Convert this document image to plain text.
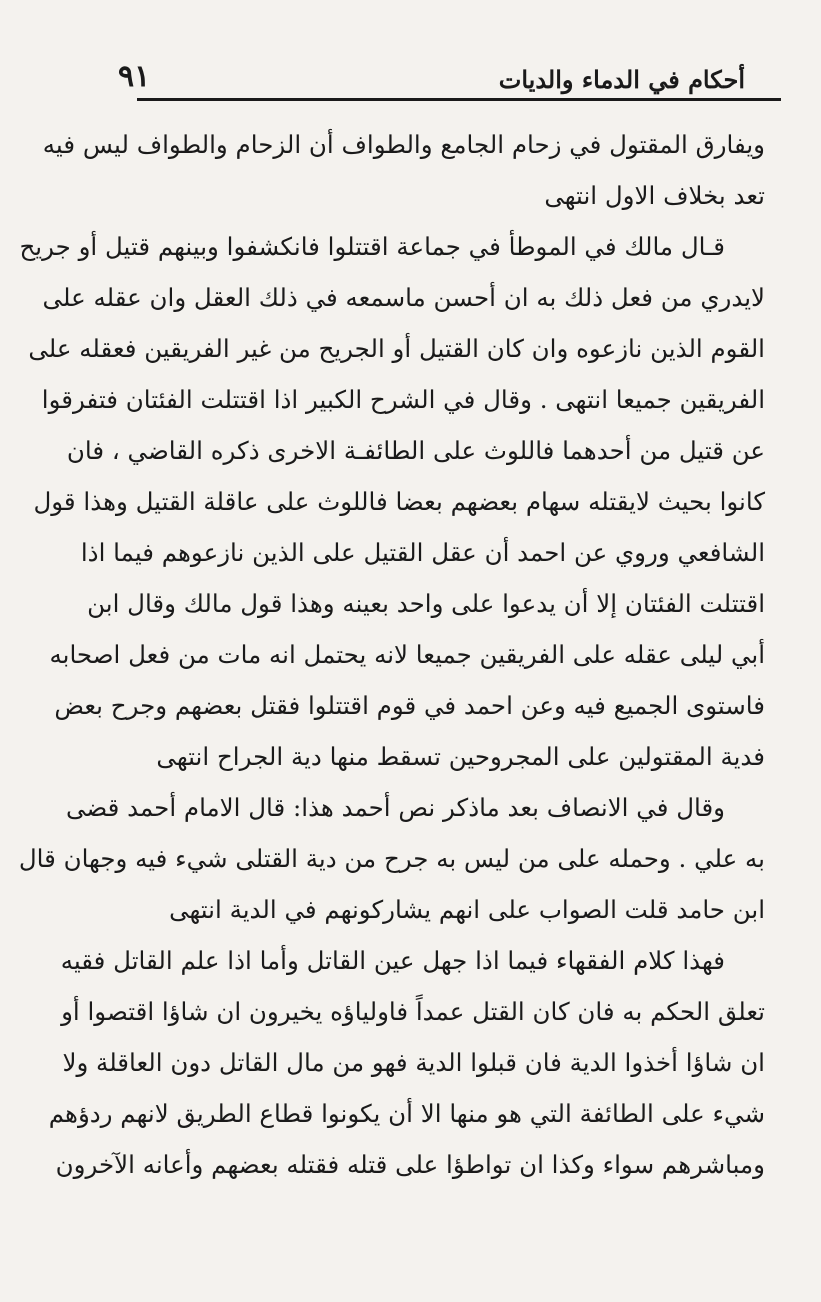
أحكام في الدماء والديات
٩١
ويفارق المقتول في زحام الجامع والطواف أن الزحام والطواف ليس فيه
تعد بخلاف الاول انتهى
قـال مالك في الموطأ في جماعة اقتتلوا فانكشفوا وبينهم قتيل أو جريح
لايدري من فعل ذلك به ان أحسن ماسمعه في ذلك العقل وان عقله على
القوم الذين نازعوه وان كان القتيل أو الجريح من غير الفريقين فعقله على
الفريقين جميعا انتهى . وقال في الشرح الكبير اذا اقتتلت الفئتان فتفرقوا
عن قتيل من أحدهما فاللوث على الطائفـة الاخرى ذكره القاضي ، فان
كانوا بحيث لايقتله سهام بعضهم بعضا فاللوث على عاقلة القتيل وهذا قول
الشافعي وروي عن احمد أن عقل القتيل على الذين نازعوهم فيما اذا
اقتتلت الفئتان إلا أن يدعوا على واحد بعينه وهذا قول مالك وقال ابن
أبي ليلى عقله على الفريقين جميعا لانه يحتمل انه مات من فعل اصحابه
فاستوى الجميع فيه وعن احمد في قوم اقتتلوا فقتل بعضهم وجرح بعض
فدية المقتولين على المجروحين تسقط منها دية الجراح انتهى
وقال في الانصاف بعد ماذكر نص أحمد هذا: قال الامام أحمد قضى
به علي . وحمله على من ليس به جرح من دية القتلى شيء فيه وجهان قال
ابن حامد قلت الصواب على انهم يشاركونهم في الدية انتهى
فهذا كلام الفقهاء فيما اذا جهل عين القاتل وأما اذا علم القاتل فقيه
تعلق الحكم به فان كان القتل عمداً فاولياؤه يخيرون ان شاؤا اقتصوا أو
ان شاؤا أخذوا الدية فان قبلوا الدية فهو من مال القاتل دون العاقلة ولا
شيء على الطائفة التي هو منها الا أن يكونوا قطاع الطريق لانهم ردؤهم
ومباشرهم سواء وكذا ان تواطؤا على قتله فقتله بعضهم وأعانه الآخرون
